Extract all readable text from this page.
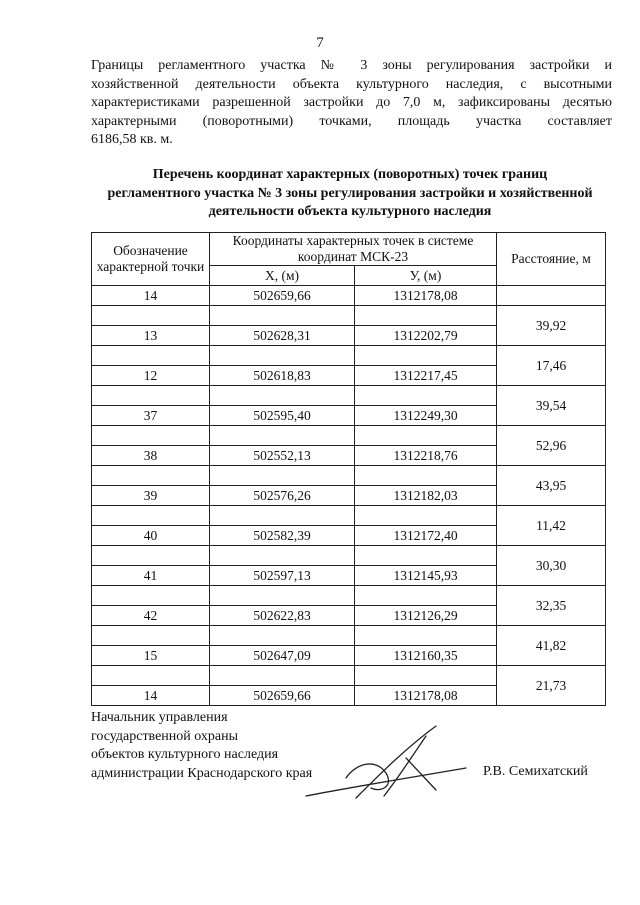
7
Границы регламентного участка № 3 зоны регулирования застройки и
хозяйственной деятельности объекта культурного наследия, с высотными
характеристиками разрешенной застройки до 7,0 м, зафиксированы десятью
характерными (поворотными) точками, площадь участка составляет
6186,58 кв. м.
Перечень координат характерных (поворотных) точек границ
регламентного участка № 3 зоны регулирования застройки и хозяйственной
деятельности объекта культурного наследия
Обозначение характерной точки	Координаты характерных точек в системе координат МСК-23		Расстояние, м
	X, (м)	У, (м)	
14	502659,66	1312178,08	
			39,92
13	502628,31	1312202,79	
			17,46
12	502618,83	1312217,45	
			39,54
37	502595,40	1312249,30	
			52,96
38	502552,13	1312218,76	
			43,95
39	502576,26	1312182,03	
			11,42
40	502582,39	1312172,40	
			30,30
41	502597,13	1312145,93	
			32,35
42	502622,83	1312126,29	
			41,82
15	502647,09	1312160,35	
			21,73
14	502659,66	1312178,08	
Начальник управления
государственной охраны
объектов культурного наследия
администрации Краснодарского края	Р.В. Семихатский
